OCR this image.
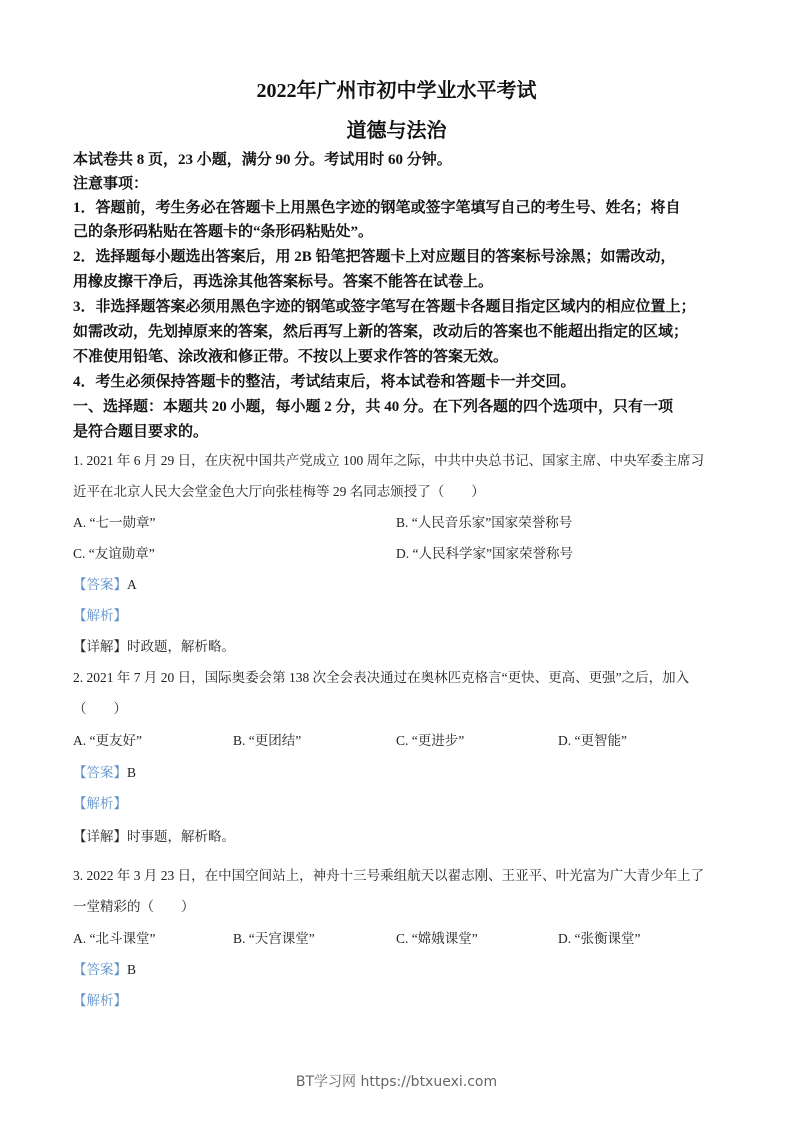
2022年广州市初中学业水平考试
道德与法治
本试卷共 8 页，23 小题，满分 90 分。考试用时 60 分钟。
注意事项：
1．答题前，考生务必在答题卡上用黑色字迹的钢笔或签字笔填写自己的考生号、姓名；将自
己的条形码粘贴在答题卡的“条形码粘贴处”。
2．选择题每小题选出答案后，用 2B 铅笔把答题卡上对应题目的答案标号涂黑；如需改动，
用橡皮擦干净后，再选涂其他答案标号。答案不能答在试卷上。
3．非选择题答案必须用黑色字迹的钢笔或签字笔写在答题卡各题目指定区域内的相应位置上；
如需改动，先划掉原来的答案，然后再写上新的答案，改动后的答案也不能超出指定的区域；
不准使用铅笔、涂改液和修正带。不按以上要求作答的答案无效。
4．考生必须保持答题卡的整洁，考试结束后，将本试卷和答题卡一并交回。
一、选择题：本题共 20 小题，每小题 2 分，共 40 分。在下列各题的四个选项中，只有一项
是符合题目要求的。
1. 2021 年 6 月 29 日，在庆祝中国共产党成立 100 周年之际，中共中央总书记、国家主席、中央军委主席习
近平在北京人民大会堂金色大厅向张桂梅等 29 名同志颁授了（　　）
A. “七一勋章”	B. “人民音乐家”国家荣誉称号
C. “友谊勋章”	D. “人民科学家”国家荣誉称号
【答案】A
【解析】
【详解】时政题，解析略。
2. 2021 年 7 月 20 日，国际奥委会第 138 次全会表决通过在奥林匹克格言“更快、更高、更强”之后，加入
（　　）
A. “更友好”	B. “更团结”	C. “更进步”	D. “更智能”
【答案】B
【解析】
【详解】时事题，解析略。
3. 2022 年 3 月 23 日，在中国空间站上，神舟十三号乘组航天以翟志刚、王亚平、叶光富为广大青少年上了
一堂精彩的（　　）
A. “北斗课堂”	B. “天宫课堂”	C. “嫦娥课堂”	D. “张衡课堂”
【答案】B
【解析】
BT学习网 https://btxuexi.com
